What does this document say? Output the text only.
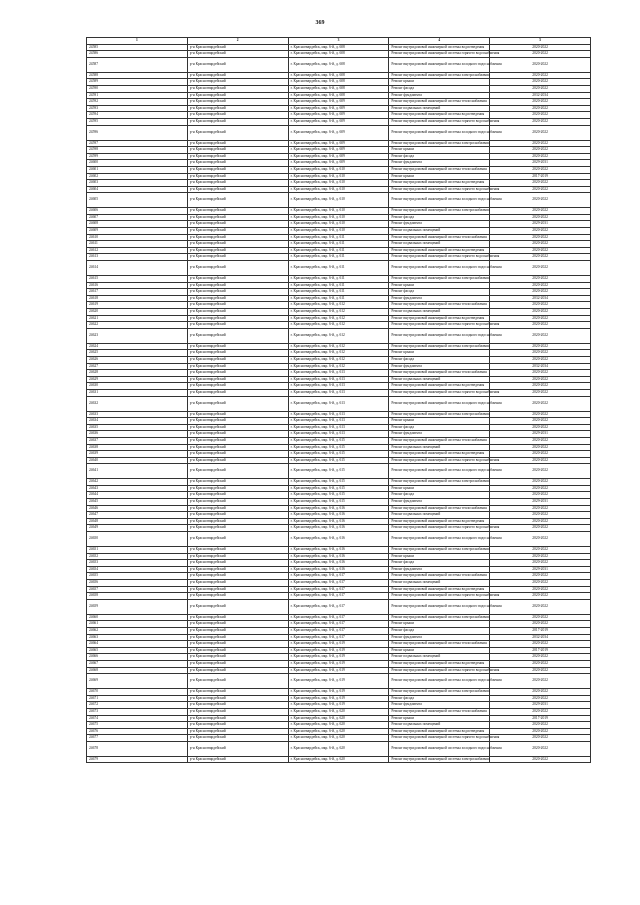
369
1	2	3	4	5
24585	р-н Красногвардейский	г. Красногвардейск, мкр. 6-й, д. 608	Ремонт внутридомовой инженерной системы водоотведения	2020-2022
24586	р-н Красногвардейский	г. Красногвардейск, мкр. 6-й, д. 608	Ремонт внутридомовой инженерной системы горячего водоснабжения	2020-2022
24587	р-н Красногвардейский	г. Красногвардейск, мкр. 6-й, д. 608	Ремонт внутридомовой инженерной системы холодного водоснабжения	2020-2022
24588	р-н Красногвардейский	г. Красногвардейск, мкр. 6-й, д. 608	Ремонт внутридомовой инженерной системы электроснабжения	2020-2022
24589	р-н Красногвардейский	г. Красногвардейск, мкр. 6-й, д. 608	Ремонт крыши	2020-2022
24590	р-н Красногвардейский	г. Красногвардейск, мкр. 6-й, д. 608	Ремонт фасада	2020-2022
24591	р-н Красногвардейский	г. Красногвардейск, мкр. 6-й, д. 608	Ремонт фундамента	2032-2034
24592	р-н Красногвардейский	г. Красногвардейск, мкр. 6-й, д. 609	Ремонт внутридомовой инженерной системы теплоснабжения	2020-2022
24593	р-н Красногвардейский	г. Красногвардейск, мкр. 6-й, д. 609	Ремонт подвальных помещений	2020-2022
24594	р-н Красногвардейский	г. Красногвардейск, мкр. 6-й, д. 609	Ремонт внутридомовой инженерной системы водоотведения	2020-2022
24595	р-н Красногвардейский	г. Красногвардейск, мкр. 6-й, д. 609	Ремонт внутридомовой инженерной системы горячего водоснабжения	2020-2022
24596	р-н Красногвардейский	г. Красногвардейск, мкр. 6-й, д. 609	Ремонт внутридомовой инженерной системы холодного водоснабжения	2020-2022
24597	р-н Красногвардейский	г. Красногвардейск, мкр. 6-й, д. 609	Ремонт внутридомовой инженерной системы электроснабжения	2020-2022
24598	р-н Красногвардейский	г. Красногвардейск, мкр. 6-й, д. 609	Ремонт крыши	2020-2022
24599	р-н Красногвардейский	г. Красногвардейск, мкр. 6-й, д. 609	Ремонт фасада	2020-2022
24600	р-н Красногвардейский	г. Красногвардейск, мкр. 6-й, д. 609	Ремонт фундамента	2029-2031
24601	р-н Красногвардейский	г. Красногвардейск, мкр. 6-й, д. 610	Ремонт внутридомовой инженерной системы теплоснабжения	2020-2022
24602	р-н Красногвардейский	г. Красногвардейск, мкр. 6-й, д. 610	Ремонт крыши	2017-2019
24603	р-н Красногвардейский	г. Красногвардейск, мкр. 6-й, д. 610	Ремонт внутридомовой инженерной системы водоотведения	2020-2022
24604	р-н Красногвардейский	г. Красногвардейск, мкр. 6-й, д. 610	Ремонт внутридомовой инженерной системы горячего водоснабжения	2020-2022
24605	р-н Красногвардейский	г. Красногвардейск, мкр. 6-й, д. 610	Ремонт внутридомовой инженерной системы холодного водоснабжения	2020-2022
24606	р-н Красногвардейский	г. Красногвардейск, мкр. 6-й, д. 610	Ремонт внутридомовой инженерной системы электроснабжения	2020-2022
24607	р-н Красногвардейский	г. Красногвардейск, мкр. 6-й, д. 610	Ремонт фасада	2020-2022
24608	р-н Красногвардейский	г. Красногвардейск, мкр. 6-й, д. 610	Ремонт фундамента	2029-2031
24609	р-н Красногвардейский	г. Красногвардейск, мкр. 6-й, д. 610	Ремонт подвальных помещений	2020-2022
24610	р-н Красногвардейский	г. Красногвардейск, мкр. 6-й, д. 611	Ремонт внутридомовой инженерной системы теплоснабжения	2020-2022
24611	р-н Красногвардейский	г. Красногвардейск, мкр. 6-й, д. 611	Ремонт подвальных помещений	2020-2022
24612	р-н Красногвардейский	г. Красногвардейск, мкр. 6-й, д. 611	Ремонт внутридомовой инженерной системы водоотведения	2020-2022
24613	р-н Красногвардейский	г. Красногвардейск, мкр. 6-й, д. 611	Ремонт внутридомовой инженерной системы горячего водоснабжения	2020-2022
24614	р-н Красногвардейский	г. Красногвардейск, мкр. 6-й, д. 611	Ремонт внутридомовой инженерной системы холодного водоснабжения	2020-2022
24615	р-н Красногвардейский	г. Красногвардейск, мкр. 6-й, д. 611	Ремонт внутридомовой инженерной системы электроснабжения	2020-2022
24616	р-н Красногвардейский	г. Красногвардейск, мкр. 6-й, д. 611	Ремонт крыши	2020-2022
24617	р-н Красногвардейский	г. Красногвардейск, мкр. 6-й, д. 611	Ремонт фасада	2020-2022
24618	р-н Красногвардейский	г. Красногвардейск, мкр. 6-й, д. 611	Ремонт фундамента	2032-2034
24619	р-н Красногвардейский	г. Красногвардейск, мкр. 6-й, д. 612	Ремонт внутридомовой инженерной системы теплоснабжения	2020-2022
24620	р-н Красногвардейский	г. Красногвардейск, мкр. 6-й, д. 612	Ремонт подвальных помещений	2020-2022
24621	р-н Красногвардейский	г. Красногвардейск, мкр. 6-й, д. 612	Ремонт внутридомовой инженерной системы водоотведения	2020-2022
24622	р-н Красногвардейский	г. Красногвардейск, мкр. 6-й, д. 612	Ремонт внутридомовой инженерной системы горячего водоснабжения	2020-2022
24623	р-н Красногвардейский	г. Красногвардейск, мкр. 6-й, д. 612	Ремонт внутридомовой инженерной системы холодного водоснабжения	2020-2022
24624	р-н Красногвардейский	г. Красногвардейск, мкр. 6-й, д. 612	Ремонт внутридомовой инженерной системы электроснабжения	2020-2022
24625	р-н Красногвардейский	г. Красногвардейск, мкр. 6-й, д. 612	Ремонт крыши	2020-2022
24626	р-н Красногвардейский	г. Красногвардейск, мкр. 6-й, д. 612	Ремонт фасада	2020-2022
24627	р-н Красногвардейский	г. Красногвардейск, мкр. 6-й, д. 612	Ремонт фундамента	2032-2034
24628	р-н Красногвардейский	г. Красногвардейск, мкр. 6-й, д. 613	Ремонт внутридомовой инженерной системы теплоснабжения	2020-2022
24629	р-н Красногвардейский	г. Красногвардейск, мкр. 6-й, д. 613	Ремонт подвальных помещений	2020-2022
24630	р-н Красногвардейский	г. Красногвардейск, мкр. 6-й, д. 613	Ремонт внутридомовой инженерной системы водоотведения	2020-2022
24631	р-н Красногвардейский	г. Красногвардейск, мкр. 6-й, д. 613	Ремонт внутридомовой инженерной системы горячего водоснабжения	2020-2022
24632	р-н Красногвардейский	г. Красногвардейск, мкр. 6-й, д. 613	Ремонт внутридомовой инженерной системы холодного водоснабжения	2020-2022
24633	р-н Красногвардейский	г. Красногвардейск, мкр. 6-й, д. 613	Ремонт внутридомовой инженерной системы электроснабжения	2020-2022
24634	р-н Красногвардейский	г. Красногвардейск, мкр. 6-й, д. 613	Ремонт крыши	2020-2022
24635	р-н Красногвардейский	г. Красногвардейск, мкр. 6-й, д. 613	Ремонт фасада	2020-2022
24636	р-н Красногвардейский	г. Красногвардейск, мкр. 6-й, д. 613	Ремонт фундамента	2029-2031
24637	р-н Красногвардейский	г. Красногвардейск, мкр. 6-й, д. 615	Ремонт внутридомовой инженерной системы теплоснабжения	2020-2022
24638	р-н Красногвардейский	г. Красногвардейск, мкр. 6-й, д. 615	Ремонт подвальных помещений	2020-2022
24639	р-н Красногвардейский	г. Красногвардейск, мкр. 6-й, д. 615	Ремонт внутридомовой инженерной системы водоотведения	2020-2022
24640	р-н Красногвардейский	г. Красногвардейск, мкр. 6-й, д. 615	Ремонт внутридомовой инженерной системы горячего водоснабжения	2020-2022
24641	р-н Красногвардейский	г. Красногвардейск, мкр. 6-й, д. 615	Ремонт внутридомовой инженерной системы холодного водоснабжения	2020-2022
24642	р-н Красногвардейский	г. Красногвардейск, мкр. 6-й, д. 615	Ремонт внутридомовой инженерной системы электроснабжения	2020-2022
24643	р-н Красногвардейский	г. Красногвардейск, мкр. 6-й, д. 615	Ремонт крыши	2020-2022
24644	р-н Красногвардейский	г. Красногвардейск, мкр. 6-й, д. 615	Ремонт фасада	2020-2022
24645	р-н Красногвардейский	г. Красногвардейск, мкр. 6-й, д. 615	Ремонт фундамента	2029-2031
24646	р-н Красногвардейский	г. Красногвардейск, мкр. 6-й, д. 616	Ремонт внутридомовой инженерной системы теплоснабжения	2020-2022
24647	р-н Красногвардейский	г. Красногвардейск, мкр. 6-й, д. 616	Ремонт подвальных помещений	2020-2022
24648	р-н Красногвардейский	г. Красногвардейск, мкр. 6-й, д. 616	Ремонт внутридомовой инженерной системы водоотведения	2020-2022
24649	р-н Красногвардейский	г. Красногвардейск, мкр. 6-й, д. 616	Ремонт внутридомовой инженерной системы горячего водоснабжения	2020-2022
24650	р-н Красногвардейский	г. Красногвардейск, мкр. 6-й, д. 616	Ремонт внутридомовой инженерной системы холодного водоснабжения	2020-2022
24651	р-н Красногвардейский	г. Красногвардейск, мкр. 6-й, д. 616	Ремонт внутридомовой инженерной системы электроснабжения	2020-2022
24652	р-н Красногвардейский	г. Красногвардейск, мкр. 6-й, д. 616	Ремонт крыши	2020-2022
24653	р-н Красногвардейский	г. Красногвардейск, мкр. 6-й, д. 616	Ремонт фасада	2020-2022
24654	р-н Красногвардейский	г. Красногвардейск, мкр. 6-й, д. 616	Ремонт фундамента	2029-2031
24655	р-н Красногвардейский	г. Красногвардейск, мкр. 6-й, д. 617	Ремонт внутридомовой инженерной системы теплоснабжения	2020-2022
24656	р-н Красногвардейский	г. Красногвардейск, мкр. 6-й, д. 617	Ремонт подвальных помещений	2020-2022
24657	р-н Красногвардейский	г. Красногвардейск, мкр. 6-й, д. 617	Ремонт внутридомовой инженерной системы водоотведения	2020-2022
24658	р-н Красногвардейский	г. Красногвардейск, мкр. 6-й, д. 617	Ремонт внутридомовой инженерной системы горячего водоснабжения	2020-2022
24659	р-н Красногвардейский	г. Красногвардейск, мкр. 6-й, д. 617	Ремонт внутридомовой инженерной системы холодного водоснабжения	2020-2022
24660	р-н Красногвардейский	г. Красногвардейск, мкр. 6-й, д. 617	Ремонт внутридомовой инженерной системы электроснабжения	2020-2022
24661	р-н Красногвардейский	г. Красногвардейск, мкр. 6-й, д. 617	Ремонт крыши	2020-2022
24662	р-н Красногвардейский	г. Красногвардейск, мкр. 6-й, д. 617	Ремонт фасада	2017-2019
24663	р-н Красногвардейский	г. Красногвардейск, мкр. 6-й, д. 617	Ремонт фундамента	2032-2034
24664	р-н Красногвардейский	г. Красногвардейск, мкр. 6-й, д. 619	Ремонт внутридомовой инженерной системы теплоснабжения	2020-2022
24665	р-н Красногвардейский	г. Красногвардейск, мкр. 6-й, д. 619	Ремонт крыши	2017-2019
24666	р-н Красногвардейский	г. Красногвардейск, мкр. 6-й, д. 619	Ремонт подвальных помещений	2020-2022
24667	р-н Красногвардейский	г. Красногвардейск, мкр. 6-й, д. 619	Ремонт внутридомовой инженерной системы водоотведения	2020-2022
24668	р-н Красногвардейский	г. Красногвардейск, мкр. 6-й, д. 619	Ремонт внутридомовой инженерной системы горячего водоснабжения	2020-2022
24669	р-н Красногвардейский	г. Красногвардейск, мкр. 6-й, д. 619	Ремонт внутридомовой инженерной системы холодного водоснабжения	2020-2022
24670	р-н Красногвардейский	г. Красногвардейск, мкр. 6-й, д. 619	Ремонт внутридомовой инженерной системы электроснабжения	2020-2022
24671	р-н Красногвардейский	г. Красногвардейск, мкр. 6-й, д. 619	Ремонт фасада	2020-2022
24672	р-н Красногвардейский	г. Красногвардейск, мкр. 6-й, д. 619	Ремонт фундамента	2029-2031
24673	р-н Красногвардейский	г. Красногвардейск, мкр. 6-й, д. 620	Ремонт внутридомовой инженерной системы теплоснабжения	2020-2022
24674	р-н Красногвардейский	г. Красногвардейск, мкр. 6-й, д. 620	Ремонт крыши	2017-2019
24675	р-н Красногвардейский	г. Красногвардейск, мкр. 6-й, д. 620	Ремонт подвальных помещений	2020-2022
24676	р-н Красногвардейский	г. Красногвардейск, мкр. 6-й, д. 620	Ремонт внутридомовой инженерной системы водоотведения	2020-2022
24677	р-н Красногвардейский	г. Красногвардейск, мкр. 6-й, д. 620	Ремонт внутридомовой инженерной системы горячего водоснабжения	2020-2022
24678	р-н Красногвардейский	г. Красногвардейск, мкр. 6-й, д. 620	Ремонт внутридомовой инженерной системы холодного водоснабжения	2020-2022
24679	р-н Красногвардейский	г. Красногвардейск, мкр. 6-й, д. 620	Ремонт внутридомовой инженерной системы электроснабжения	2020-2022
